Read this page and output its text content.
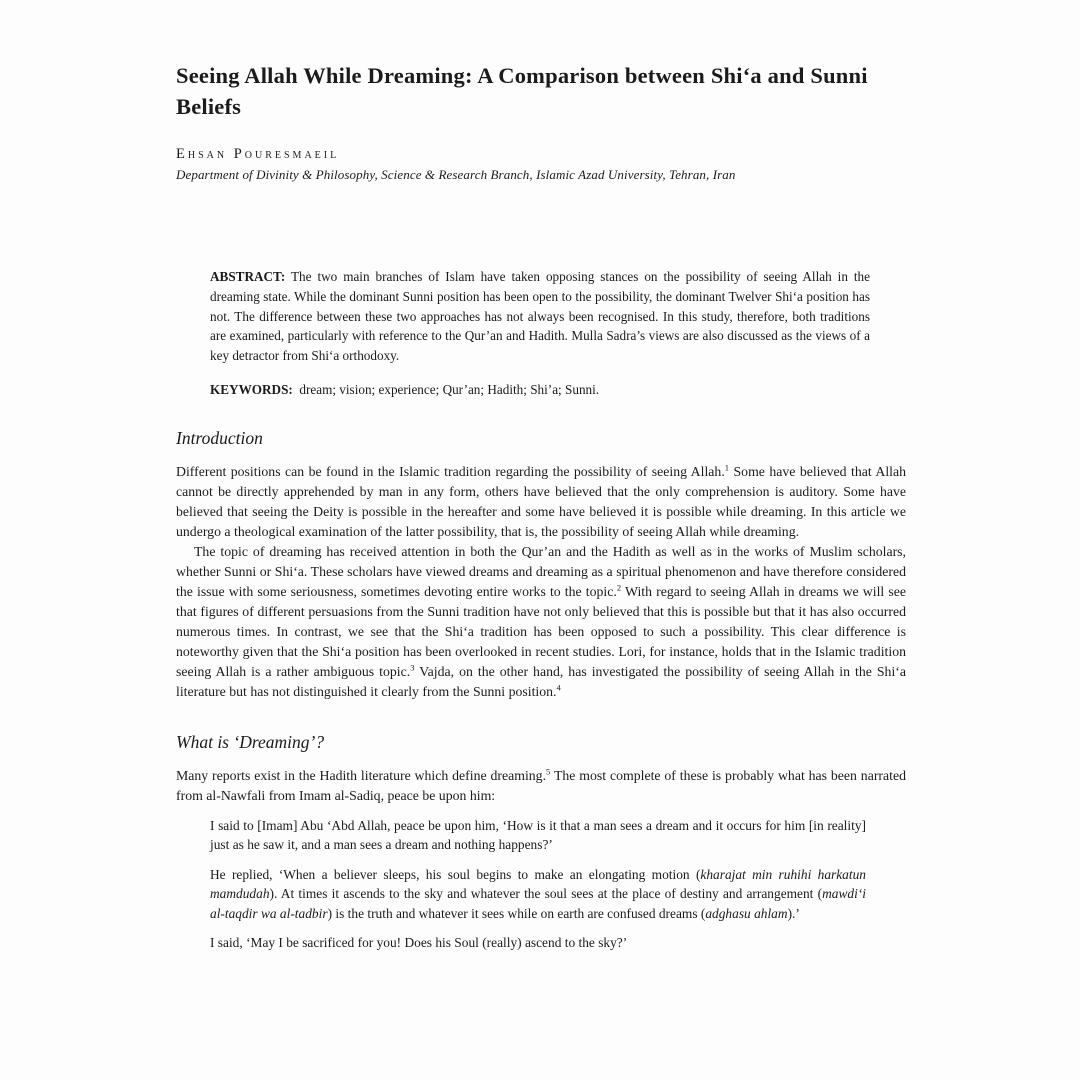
Seeing Allah While Dreaming: A Comparison between Shi‘a and Sunni Beliefs
Ehsan Pouresmaeil
Department of Divinity & Philosophy, Science & Research Branch, Islamic Azad University, Tehran, Iran

ABSTRACT: The two main branches of Islam have taken opposing stances on the possibility of seeing Allah in the dreaming state. While the dominant Sunni position has been open to the possibility, the dominant Twelver Shi‘a position has not. The difference between these two approaches has not always been recognised. In this study, therefore, both traditions are examined, particularly with reference to the Qur’an and Hadith. Mulla Sadra’s views are also discussed as the views of a key detractor from Shi‘a orthodoxy.

KEYWORDS: dream; vision; experience; Qur’an; Hadith; Shi’a; Sunni.

Introduction

Different positions can be found in the Islamic tradition regarding the possibility of seeing Allah.$^1$ Some have believed that Allah cannot be directly apprehended by man in any form, others have believed that the only comprehension is auditory. Some have believed that seeing the Deity is possible in the hereafter and some have believed it is possible while dreaming. In this article we undergo a theological examination of the latter possibility, that is, the possibility of seeing Allah while dreaming.

The topic of dreaming has received attention in both the Qur’an and the Hadith as well as in the works of Muslim scholars, whether Sunni or Shi‘a. These scholars have viewed dreams and dreaming as a spiritual phenomenon and have therefore considered the issue with some seriousness, sometimes devoting entire works to the topic.$^2$ With regard to seeing Allah in dreams we will see that figures of different persuasions from the Sunni tradition have not only believed that this is possible but that it has also occurred numerous times. In contrast, we see that the Shi‘a tradition has been opposed to such a possibility. This clear difference is noteworthy given that the Shi‘a position has been overlooked in recent studies. Lori, for instance, holds that in the Islamic tradition seeing Allah is a rather ambiguous topic.$^3$ Vajda, on the other hand, has investigated the possibility of seeing Allah in the Shi‘a literature but has not distinguished it clearly from the Sunni position.$^4$

What is ‘Dreaming’?

Many reports exist in the Hadith literature which define dreaming.$^5$ The most complete of these is probably what has been narrated from al-Nawfali from Imam al-Sadiq, peace be upon him:

I said to [Imam] Abu ‘Abd Allah, peace be upon him, ‘How is it that a man sees a dream and it occurs for him [in reality] just as he saw it, and a man sees a dream and nothing happens?’

He replied, ‘When a believer sleeps, his soul begins to make an elongating motion (kharajat min ruhihi harkatun mamdudah). At times it ascends to the sky and whatever the soul sees at the place of destiny and arrangement (mawdi‘i al-taqdir wa al-tadbir) is the truth and whatever it sees while on earth are confused dreams (adghasu ahlam).’

I said, ‘May I be sacrificed for you! Does his Soul (really) ascend to the sky?’
